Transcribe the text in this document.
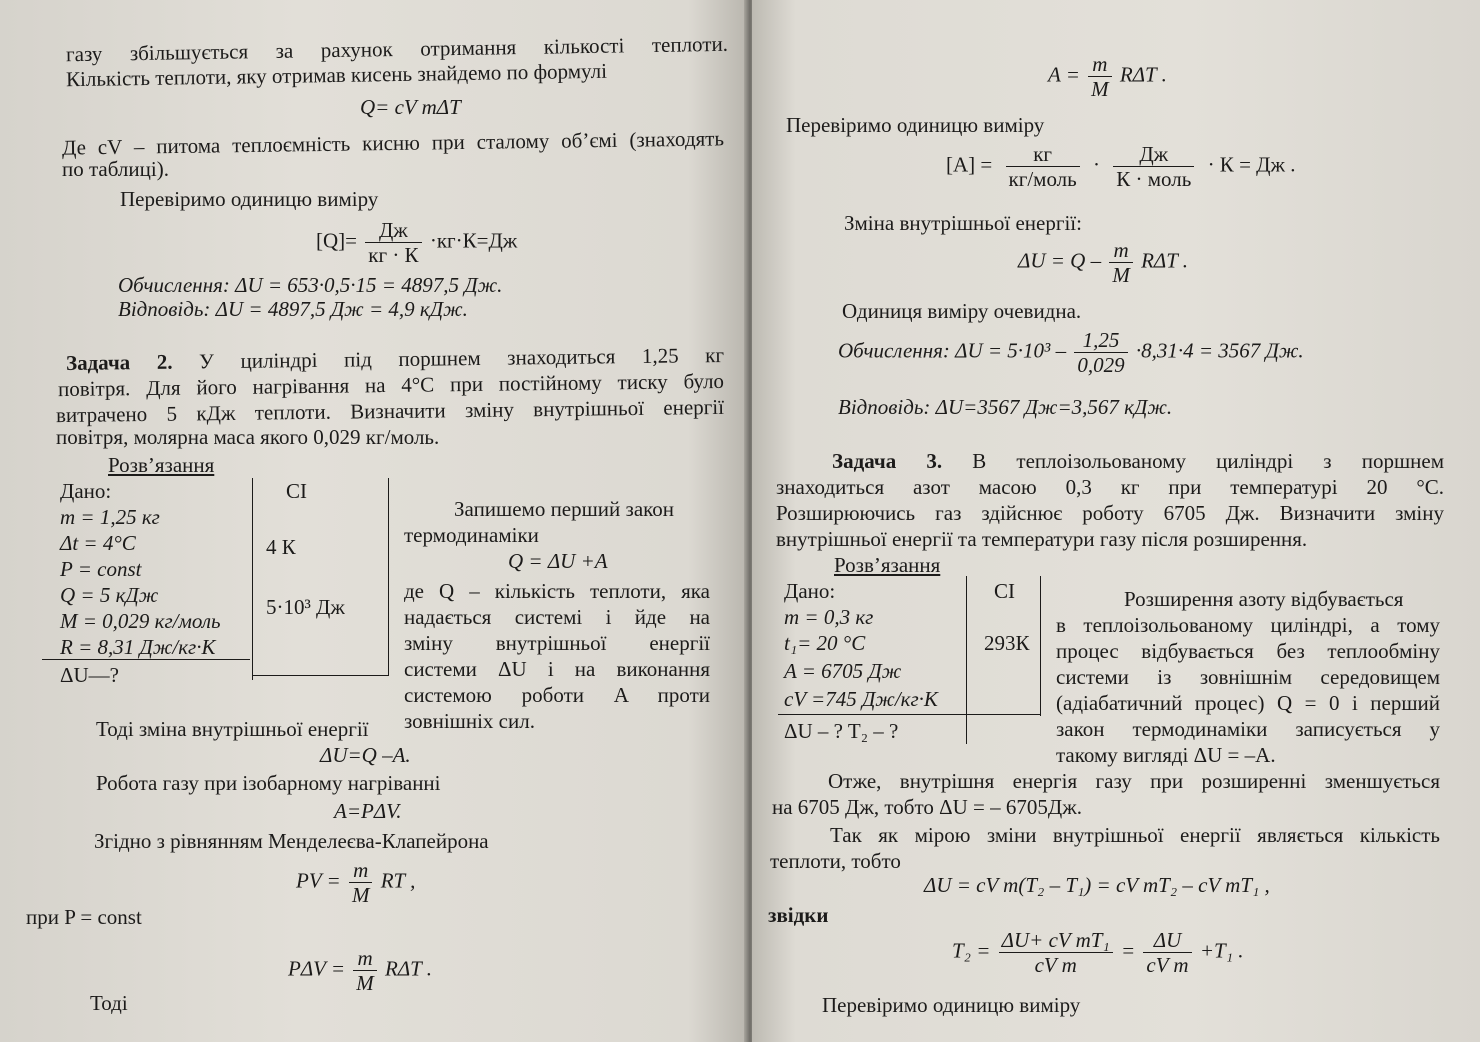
газу збільшується за рахунок отримання кількості теплоти.
Кількість теплоти, яку отримав кисень знайдемо по формулі
Q= cV mΔT
Де cV – питома теплоємність кисню при сталому об’ємі (знаходять
по таблиці).
Перевіримо одиницю виміру
$[Q]= \frac{Дж}{кг \cdot К} \cdot кг\cdot К=Дж$
Обчислення: ΔU = 653·0,5·15 = 4897,5 Дж.
Відповідь: ΔU = 4897,5 Дж = 4,9 кДж.
Задача 2. У циліндрі під поршнем знаходиться 1,25 кг
повітря. Для його нагрівання на 4°С при постійному тиску було
витрачено 5 кДж теплоти. Визначити зміну внутрішньої енергії
повітря, молярна маса якого 0,029 кг/моль.
Розв’язання
Дано:
m = 1,25 кг
Δt = 4°С
P = const
Q = 5 кДж
M = 0,029 кг/моль
R = 8,31 Дж/кг·К
ΔU—?
СІ
4 К
5·10³ Дж
Запишемо перший закон
термодинаміки
Q = ΔU +A
де Q – кількість теплоти, яка
надається системі і йде на
зміну внутрішньої енергії
системи ΔU і на виконання
системою роботи A проти
зовнішніх сил.
Тоді зміна внутрішньої енергії
ΔU=Q –A.
Робота газу при ізобарному нагріванні
A=PΔV.
Згідно з рівнянням Менделеєва-Клапейрона
PV = $\frac{m}{M}$ RT ,
при P = const
$P\Delta V = \frac{m}{M}$ RΔT .
Тоді
$A = \frac{m}{M}$ RΔT .
Перевіримо одиницю виміру
$[A] = \frac{кг}{\text{кг/моль}} \cdot \frac{Дж}{\text{К · моль}} \cdot К$ = Дж .
Зміна внутрішньої енергії:
$\Delta U = Q - \frac{m}{M}$ RΔT .
Одиниця виміру очевидна.
Обчислення: $\Delta U = 5\cdot 10^3 - \frac{1,25}{0,029} \cdot 8,31\cdot 4 = 3567$ Дж.
Відповідь: ΔU=3567 Дж=3,567 кДж.
Задача 3. В теплоізольованому циліндрі з поршнем
знаходиться азот масою 0,3 кг при температурі 20 °С.
Розширюючись газ здійснює роботу 6705 Дж. Визначити зміну
внутрішньої енергії та температури газу після розширення.
Розв’язання
Дано:
m = 0,3 кг
t₁= 20 °С
A = 6705 Дж
cV =745 Дж/кг·К
ΔU – ? T₂ – ?
СІ
293К
Розширення азоту відбувається
в теплоізольованому циліндрі, а тому
процес відбувається без теплообміну
системи із зовнішнім середовищем
(адіабатичний процес) Q = 0 і перший
закон термодинаміки записується у
такому вигляді ΔU = –A.
Отже, внутрішня енергія газу при розширенні зменшується
на 6705 Дж, тобто ΔU = – 6705Дж.
Так як мірою зміни внутрішньої енергії являється кількість
теплоти, тобто
ΔU = cV m(T₂ – T₁) = cV mT₂ – cV mT₁ ,
звідки
$T_2 = \frac{\text{ΔU+ cV mT₁}}{\text{cV m}} = \frac{\Delta U}{\text{cV m}} +T_1$ .
Перевіримо одиницю виміру
